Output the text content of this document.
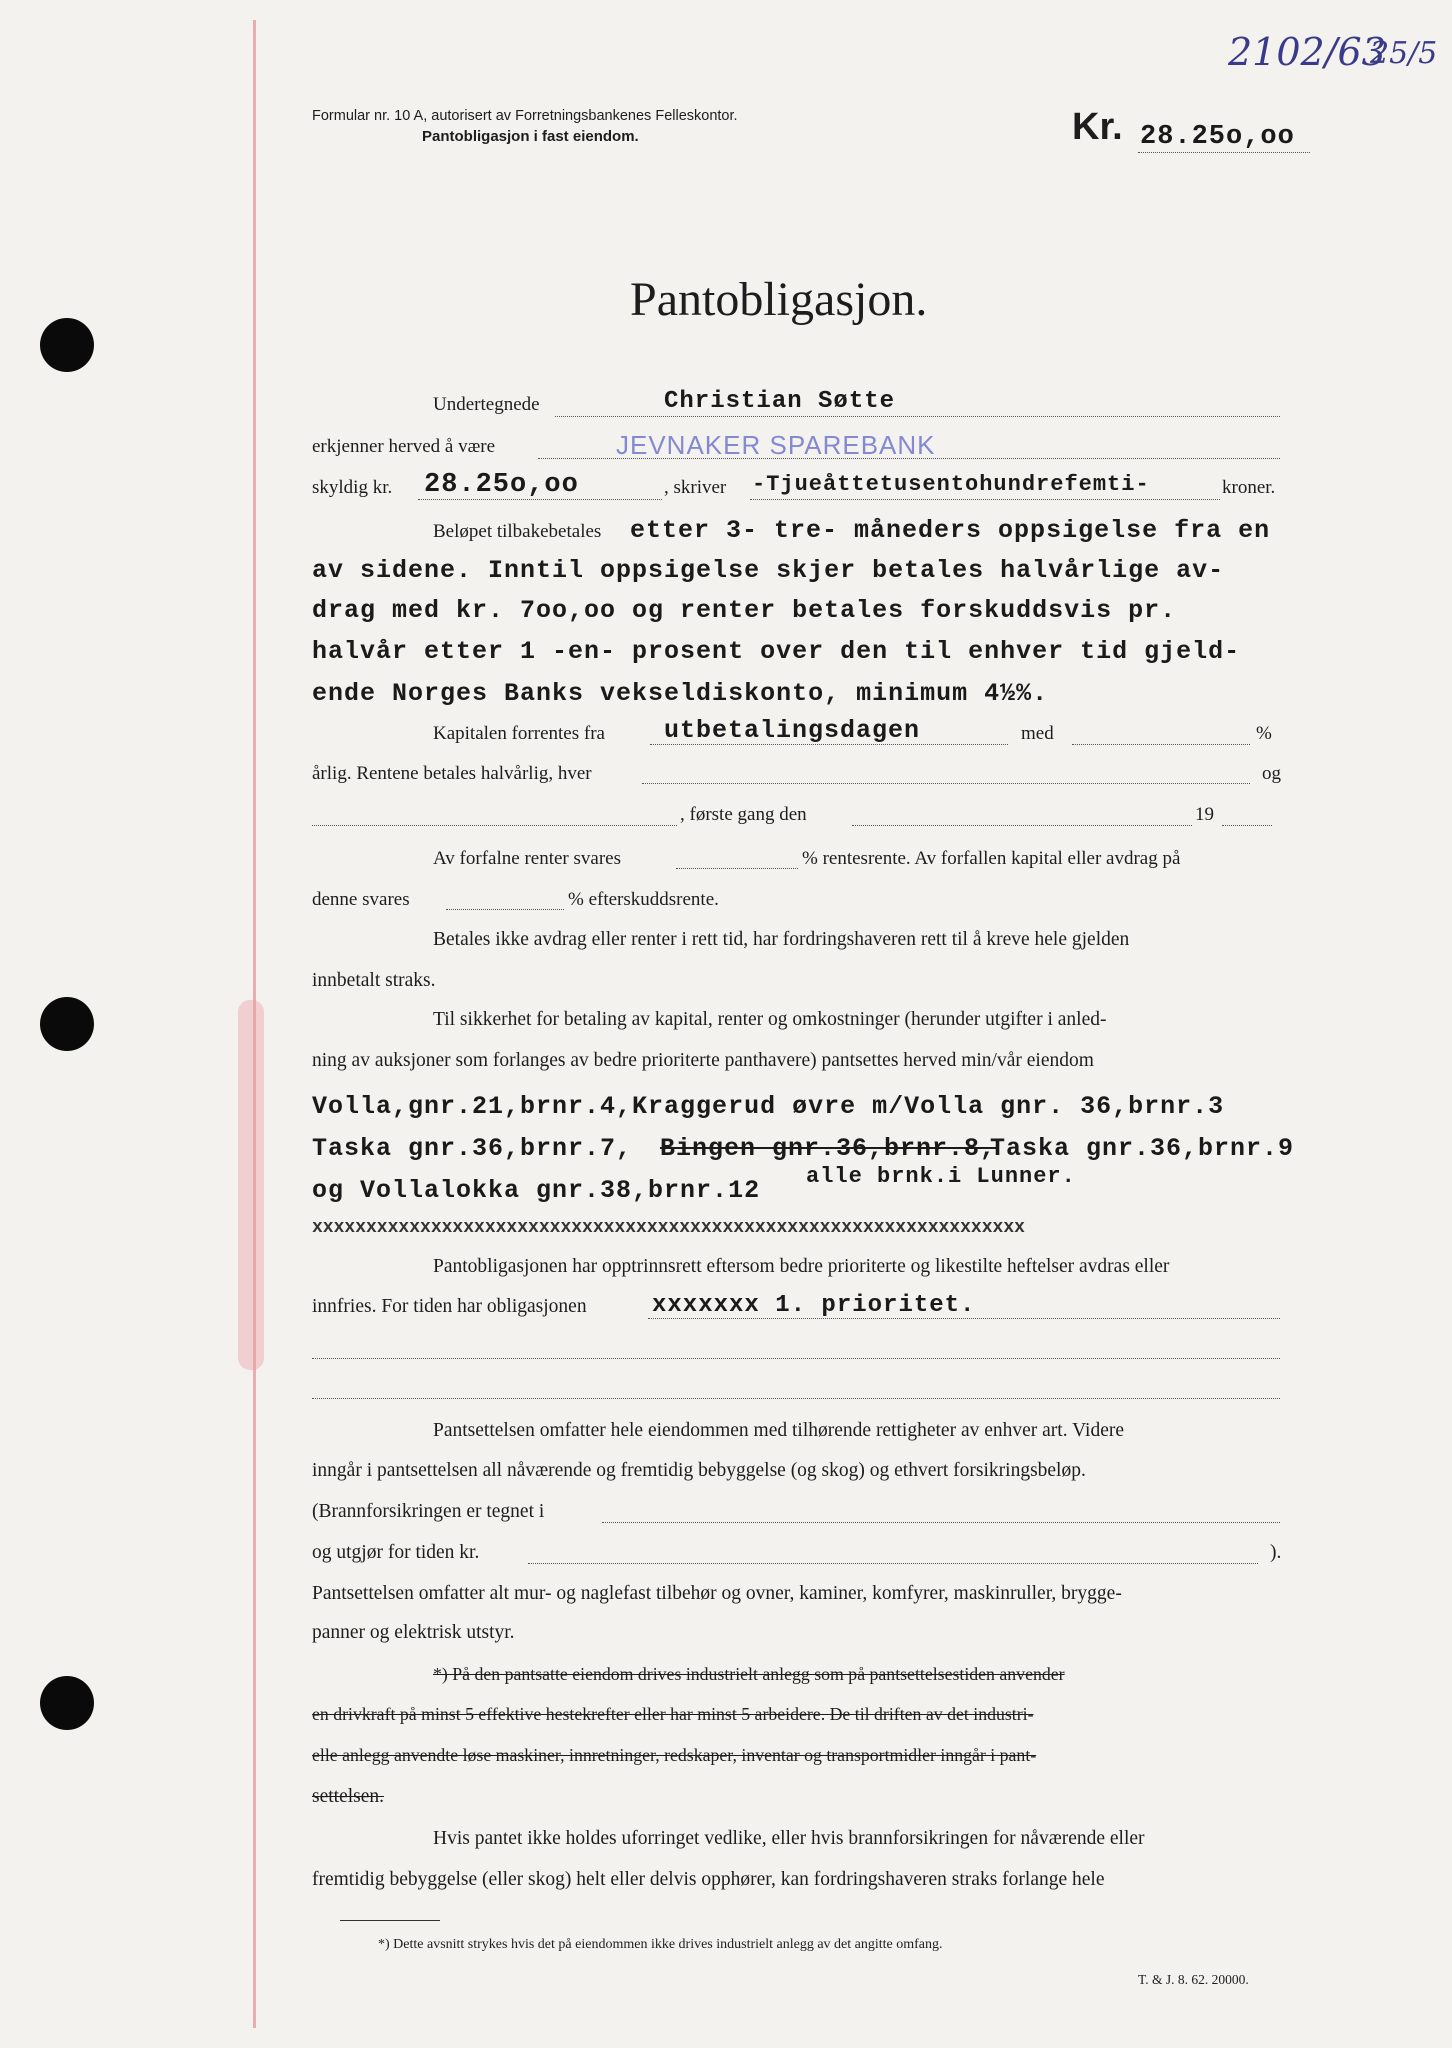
Formular nr. 10 A, autorisert av Forretningsbankenes Felleskontor.
Pantobligasjon i fast eiendom.	Kr. 28.25o,oo
2102/63
25/5
Pantobligasjon.
Undertegnede	Christian Søtte
erkjenner herved å være	JEVNAKER SPAREBANK
skyldig kr. 28.25o,oo	, skriver -Tjueåttetusentohundrefemti-	kroner.
Beløpet tilbakebetales etter 3- tre- måneders oppsigelse fra en
av sidene. Inntil oppsigelse skjer betales halvårlige av-
drag med kr. 7oo,oo og renter betales forskuddsvis pr.
halvår etter 1 -en- prosent over den til enhver tid gjeld-
ende Norges Banks vekseldiskonto, minimum 4½%.
Kapitalen forrentes fra utbetalingsdagen	med	%
årlig. Rentene betales halvårlig, hver	og
, første gang den	19
Av forfalne renter svares	% rentesrente. Av forfallen kapital eller avdrag på
denne svares	% efterskuddsrente.
Betales ikke avdrag eller renter i rett tid, har fordringshaveren rett til å kreve hele gjelden
innbetalt straks.
Til sikkerhet for betaling av kapital, renter og omkostninger (herunder utgifter i anled-
ning av auksjoner som forlanges av bedre prioriterte panthavere) pantsettes herved min/vår eiendom
Volla,gnr.21,brnr.4,Kraggerud øvre m/Volla gnr. 36,brnr.3
Taska gnr.36,brnr.7, Bingen gnr.36,brnr.8,
Taska gnr.36,brnr.9
og Vollalokka gnr.38,brnr.12 alle brnk.i Lunner.
xxxxxxxxxxxxxxxxxxxxxxxxxxxxxxxxxxxxxxxxxxxxxxxxxxxxxxxxxxxxxxxxxx
Pantobligasjonen har opptrinnsrett eftersom bedre prioriterte og likestilte heftelser avdras eller
innfries. For tiden har obligasjonen	xxxxxxx 1. prioritet.
Pantsettelsen omfatter hele eiendommen med tilhørende rettigheter av enhver art. Videre
inngår i pantsettelsen all nåværende og fremtidig bebyggelse (og skog) og ethvert forsikringsbeløp.
(Brannforsikringen er tegnet i
og utgjør for tiden kr.	).
Pantsettelsen omfatter alt mur- og naglefast tilbehør og ovner, kaminer, komfyrer, maskinruller, brygge-
panner og elektrisk utstyr.
*) På den pantsatte eiendom drives industrielt anlegg som på pantsettelsestiden anvender
en drivkraft på minst 5 effektive hestekrefter eller har minst 5 arbeidere. De til driften av det industri-
elle anlegg anvendte løse maskiner, innretninger, redskaper, inventar og transportmidler inngår i pant-
settelsen.
Hvis pantet ikke holdes uforringet vedlike, eller hvis brannforsikringen for nåværende eller
fremtidig bebyggelse (eller skog) helt eller delvis opphører, kan fordringshaveren straks forlange hele
*) Dette avsnitt strykes hvis det på eiendommen ikke drives industrielt anlegg av det angitte omfang.
T. & J. 8. 62. 20000.
